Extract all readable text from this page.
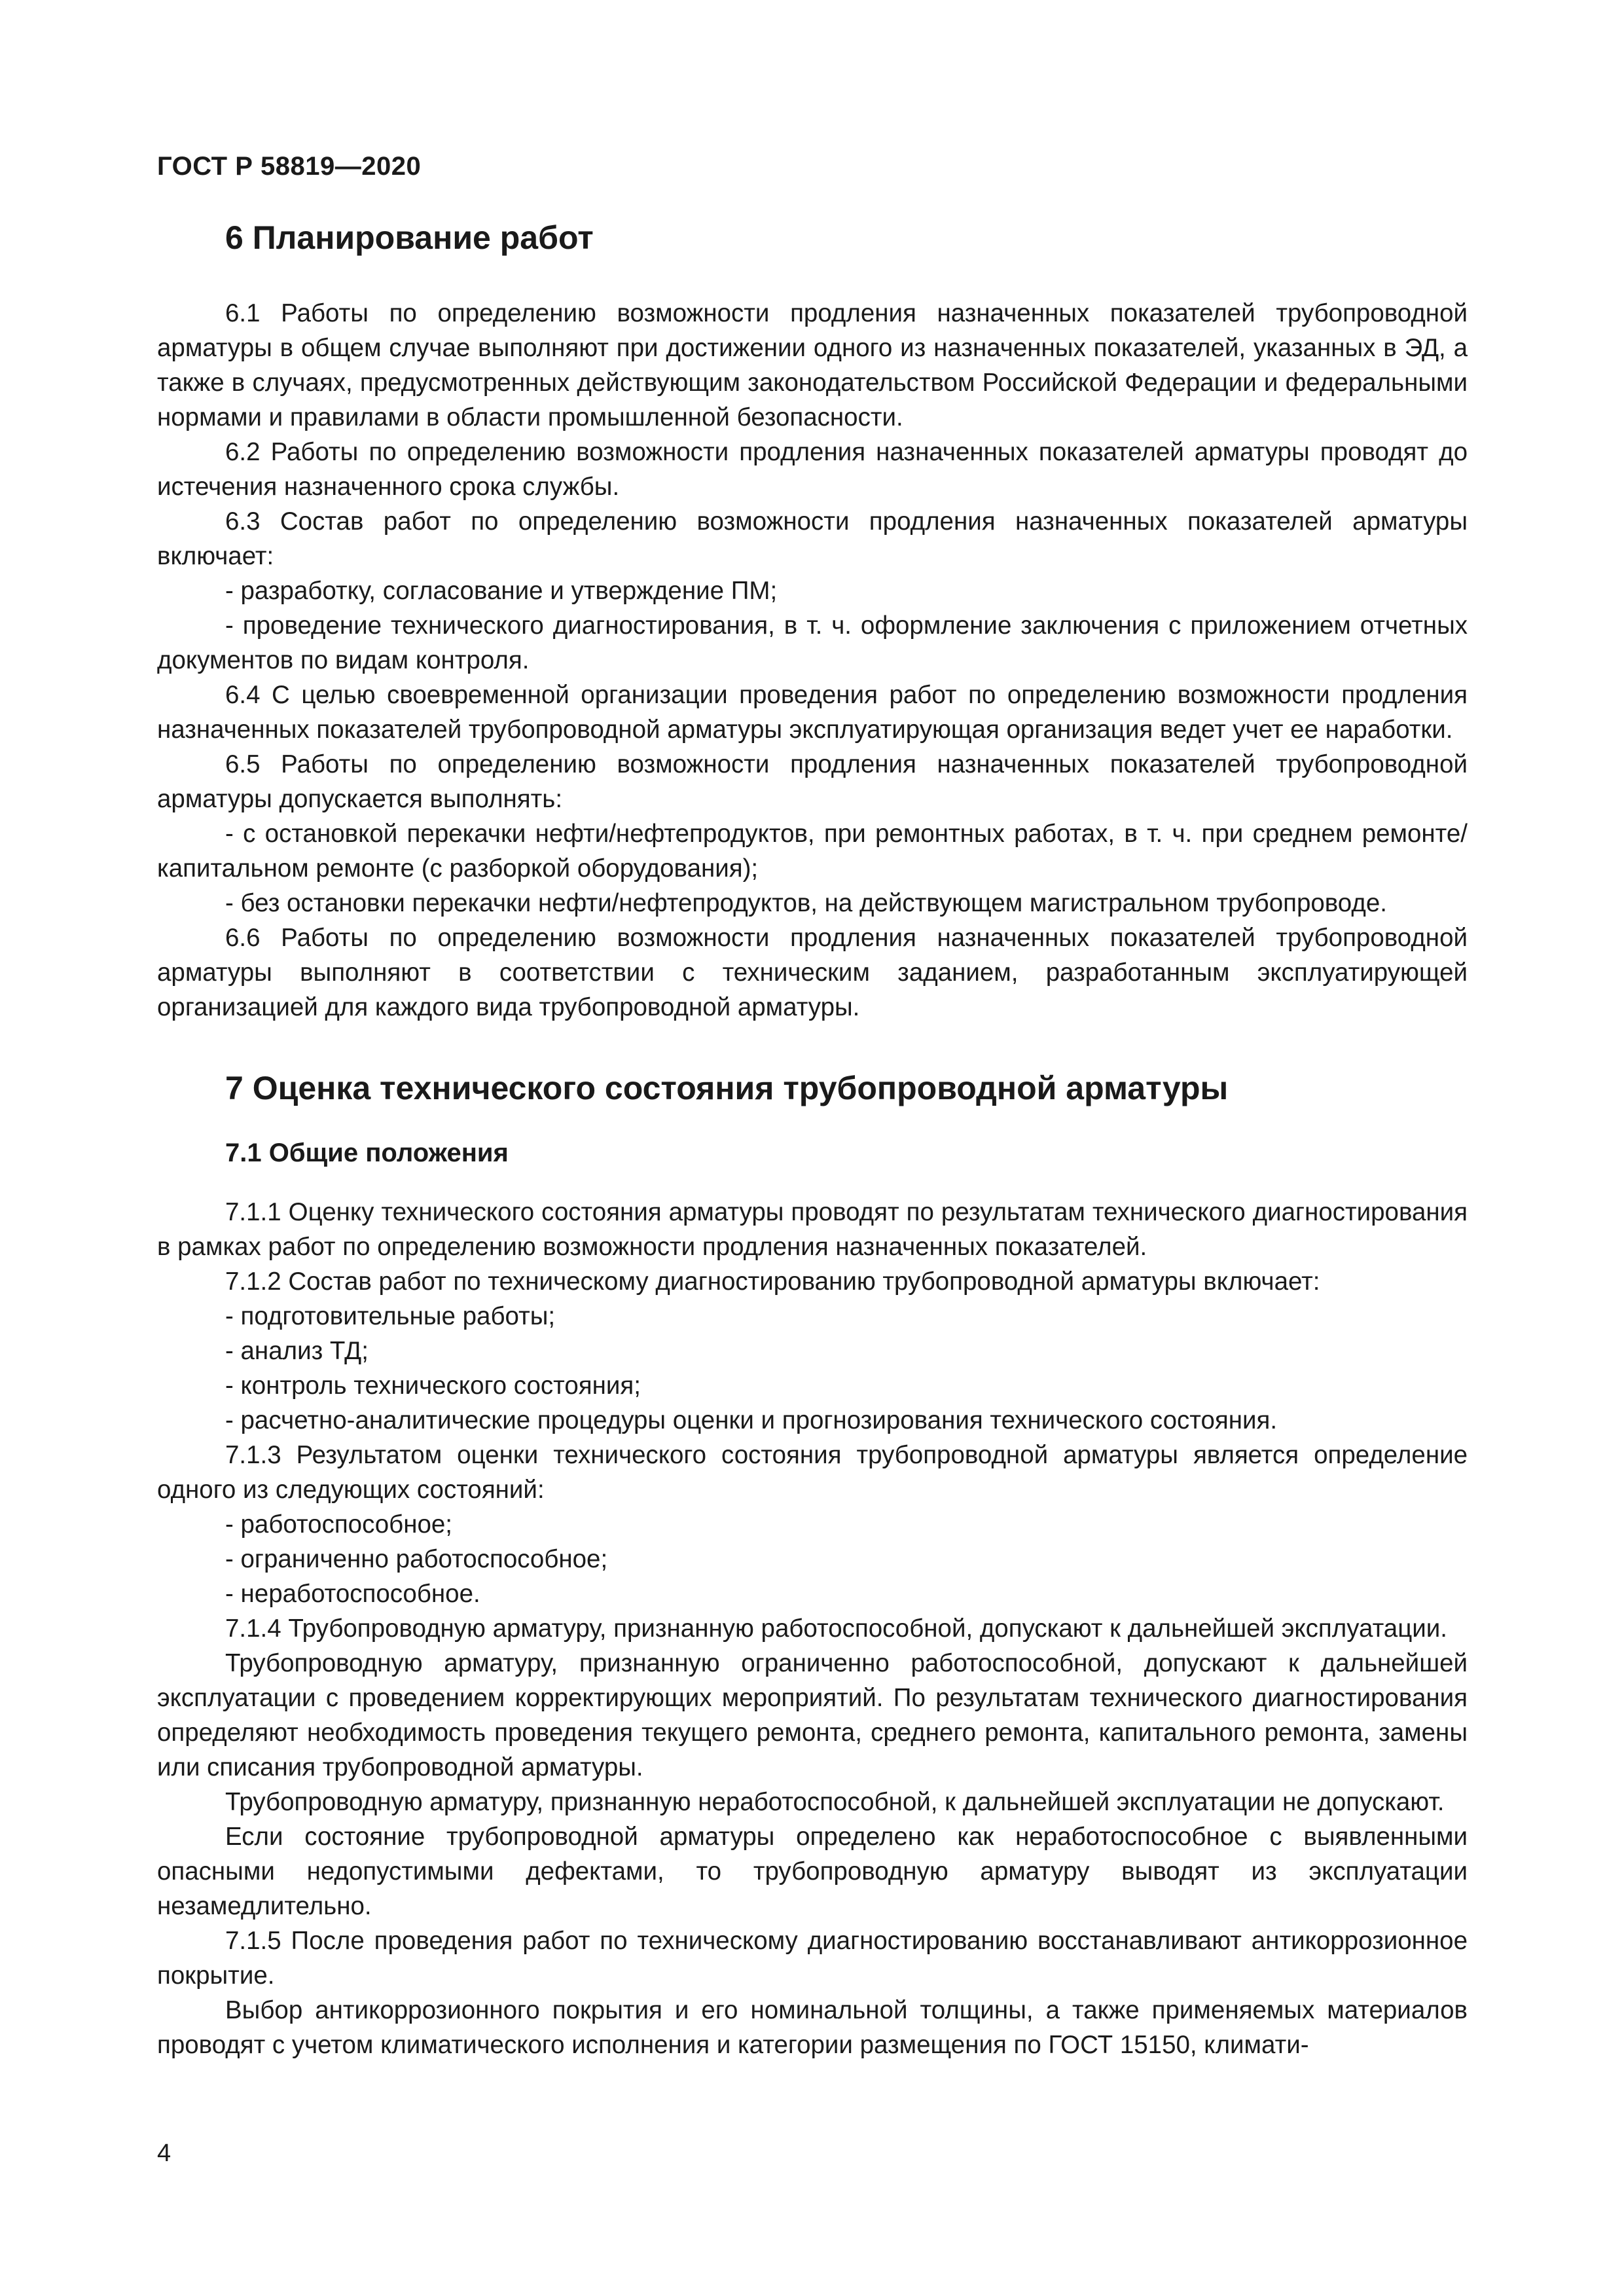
ГОСТ Р 58819—2020
6 Планирование работ

6.1 Работы по определению возможности продления назначенных показателей трубопроводной арматуры в общем случае выполняют при достижении одного из назначенных показателей, указанных в ЭД, а также в случаях, предусмотренных действующим законодательством Российской Федерации и федеральными нормами и правилами в области промышленной безопасности.

6.2 Работы по определению возможности продления назначенных показателей арматуры проводят до истечения назначенного срока службы.

6.3 Состав работ по определению возможности продления назначенных показателей арматуры включает:

- разработку, согласование и утверждение ПМ;

- проведение технического диагностирования, в т. ч. оформление заключения с приложением отчетных документов по видам контроля.

6.4 С целью своевременной организации проведения работ по определению возможности продления назначенных показателей трубопроводной арматуры эксплуатирующая организация ведет учет ее наработки.

6.5 Работы по определению возможности продления назначенных показателей трубопроводной арматуры допускается выполнять:

- с остановкой перекачки нефти/нефтепродуктов, при ремонтных работах, в т. ч. при среднем ремонте/капитальном ремонте (с разборкой оборудования);

- без остановки перекачки нефти/нефтепродуктов, на действующем магистральном трубопроводе.

6.6 Работы по определению возможности продления назначенных показателей трубопроводной арматуры выполняют в соответствии с техническим заданием, разработанным эксплуатирующей организацией для каждого вида трубопроводной арматуры.

7 Оценка технического состояния трубопроводной арматуры
7.1 Общие положения

7.1.1 Оценку технического состояния арматуры проводят по результатам технического диагностирования в рамках работ по определению возможности продления назначенных показателей.

7.1.2 Состав работ по техническому диагностированию трубопроводной арматуры включает:

- подготовительные работы;

- анализ ТД;

- контроль технического состояния;

- расчетно-аналитические процедуры оценки и прогнозирования технического состояния.

7.1.3 Результатом оценки технического состояния трубопроводной арматуры является определение одного из следующих состояний:

- работоспособное;

- ограниченно работоспособное;

- неработоспособное.

7.1.4 Трубопроводную арматуру, признанную работоспособной, допускают к дальнейшей эксплуатации.

Трубопроводную арматуру, признанную ограниченно работоспособной, допускают к дальнейшей эксплуатации с проведением корректирующих мероприятий. По результатам технического диагностирования определяют необходимость проведения текущего ремонта, среднего ремонта, капитального ремонта, замены или списания трубопроводной арматуры.

Трубопроводную арматуру, признанную неработоспособной, к дальнейшей эксплуатации не допускают.

Если состояние трубопроводной арматуры определено как неработоспособное с выявленными опасными недопустимыми дефектами, то трубопроводную арматуру выводят из эксплуатации незамедлительно.

7.1.5 После проведения работ по техническому диагностированию восстанавливают антикоррозионное покрытие.

Выбор антикоррозионного покрытия и его номинальной толщины, а также применяемых материалов проводят с учетом климатического исполнения и категории размещения по ГОСТ 15150, климати-

4
